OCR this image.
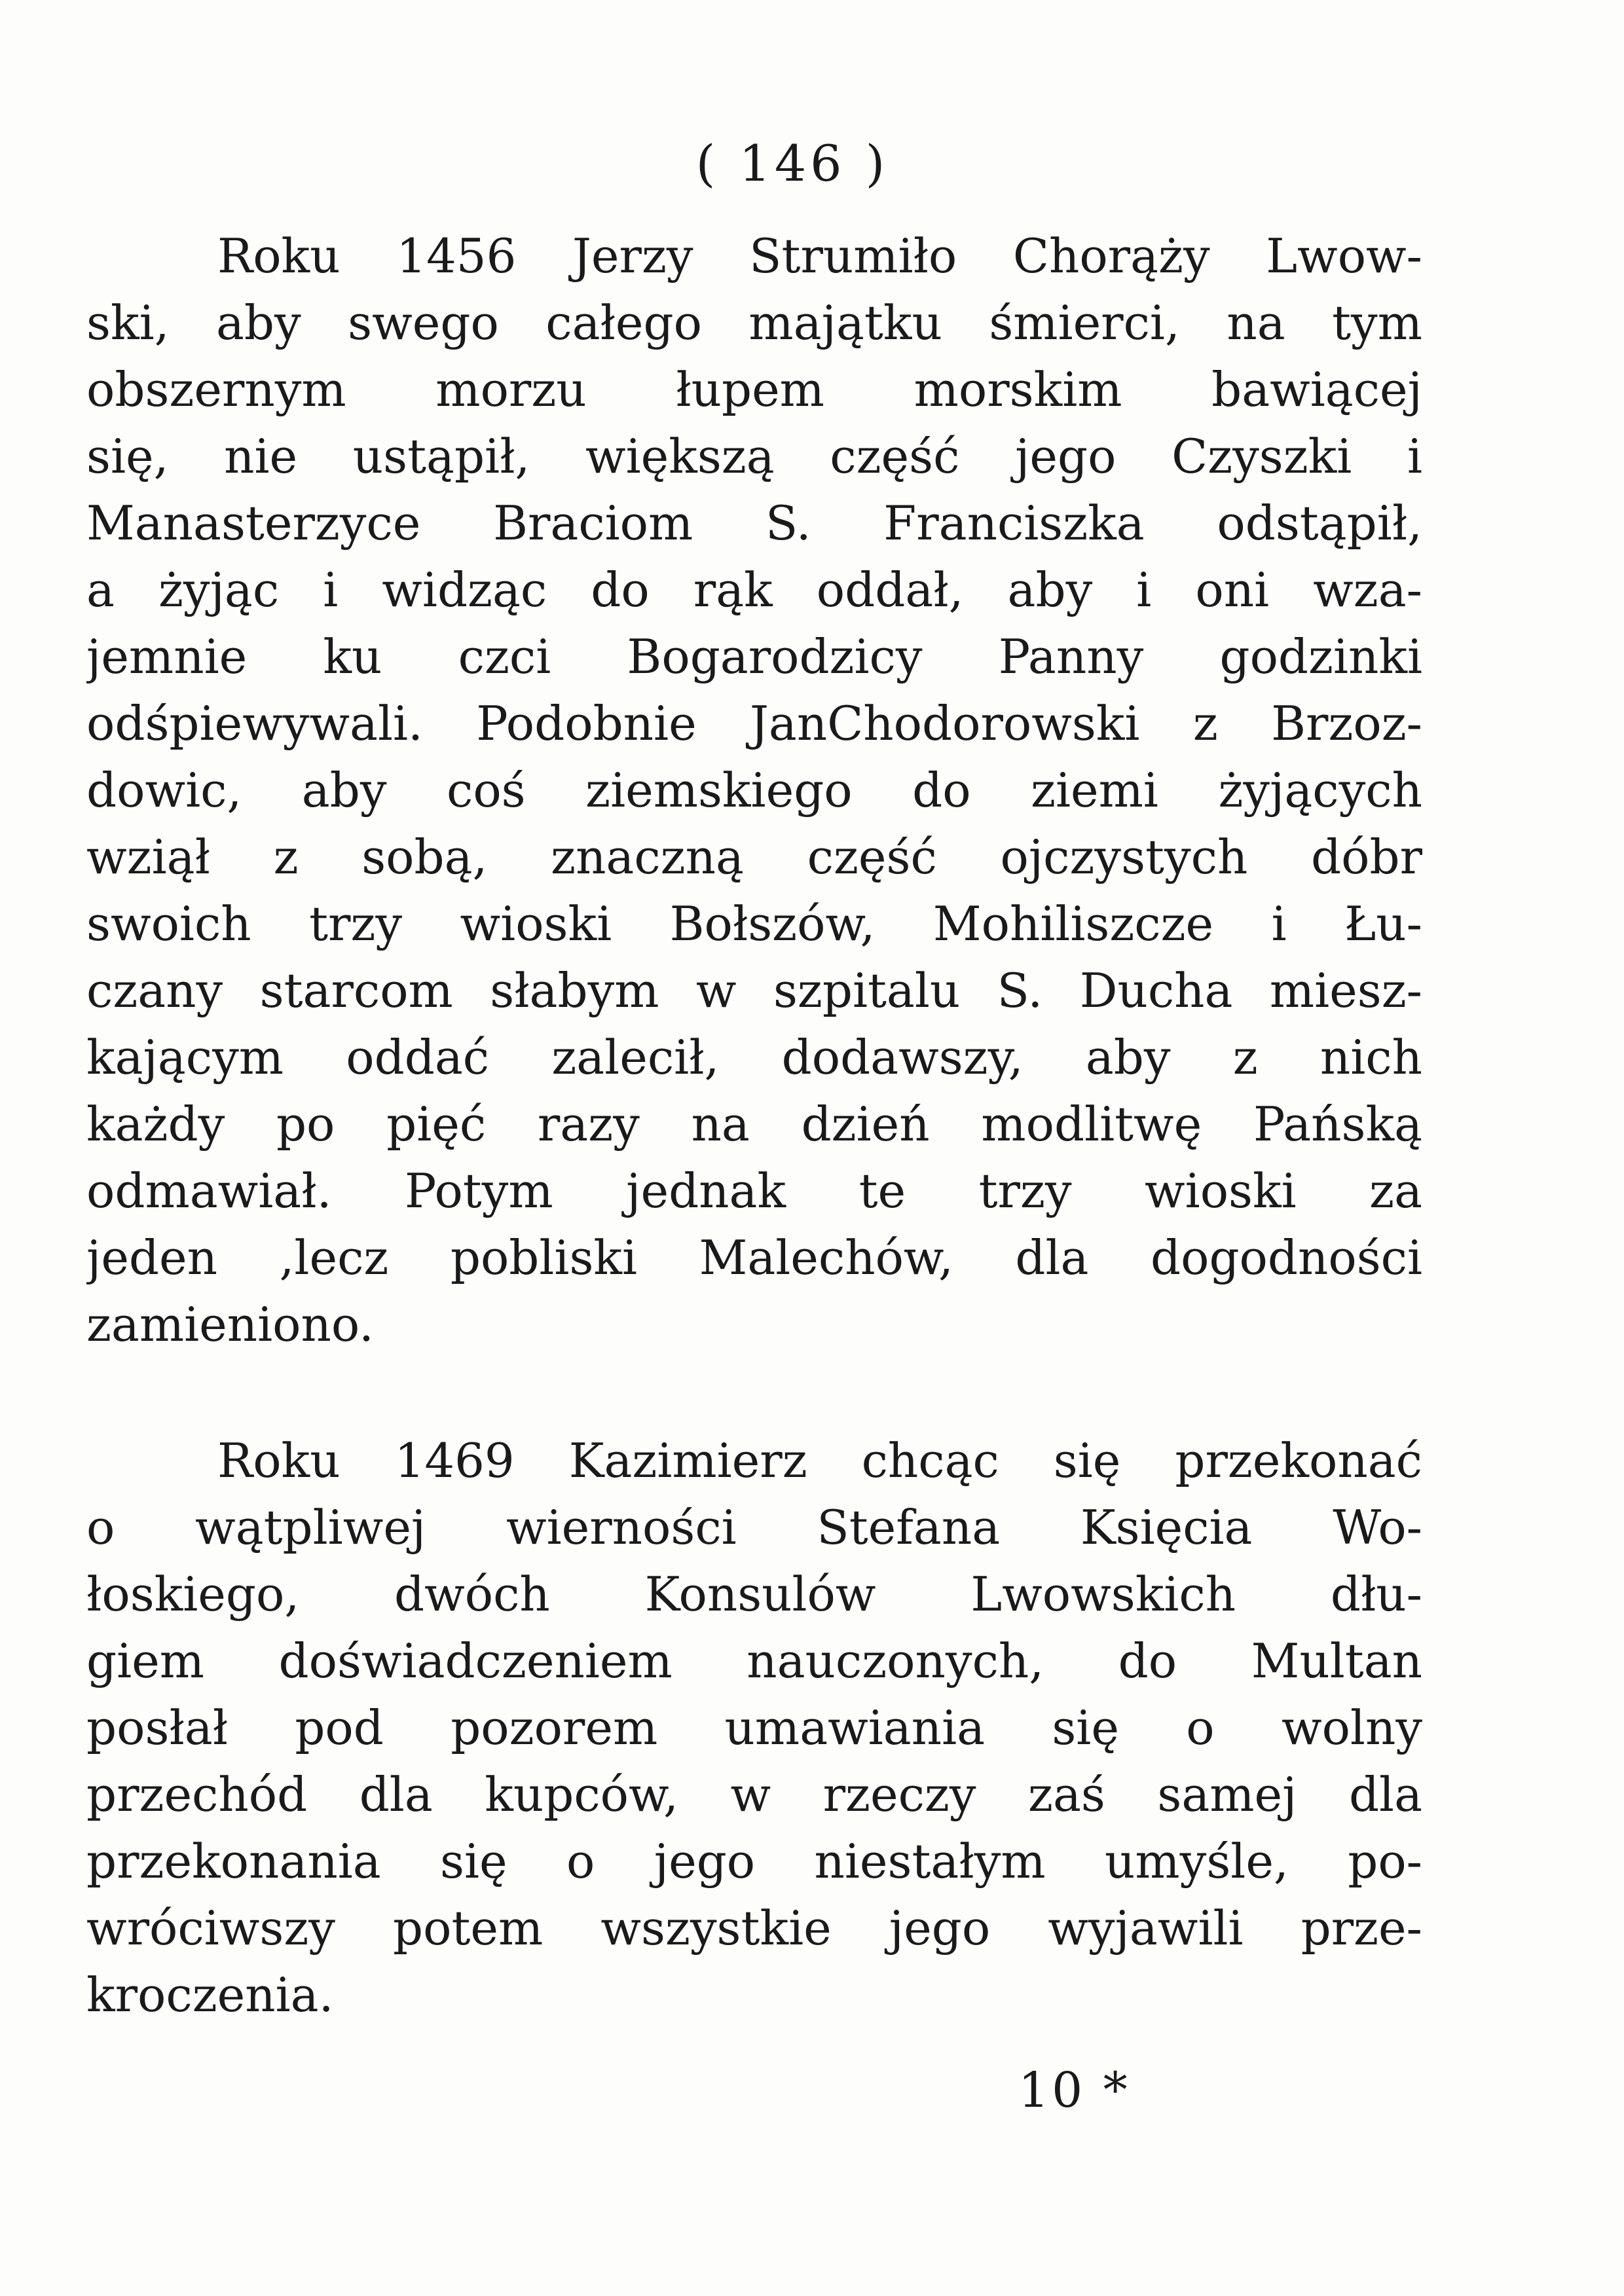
( 146 )
Roku 1456 Jerzy Strumiło Chorąży Lwow-
ski, aby swego całego majątku śmierci, na tym
obszernym morzu łupem morskim bawiącej
się, nie ustąpił, większą część jego Czyszki i
Manasterzyce Braciom S. Franciszka odstąpił,
a żyjąc i widząc do rąk oddał, aby i oni wza-
jemnie ku czci Bogarodzicy Panny godzinki
odśpiewywali. Podobnie JanChodorowski z Brzoz-
dowic, aby coś ziemskiego do ziemi żyjących
wziął z sobą, znaczną część ojczystych dóbr
swoich trzy wioski Bołszów, Mohiliszcze i Łu-
czany starcom słabym w szpitalu S. Ducha miesz-
kającym oddać zalecił, dodawszy, aby z nich
każdy po pięć razy na dzień modlitwę Pańską
odmawiał. Potym jednak te trzy wioski za
jeden ,lecz pobliski Malechów, dla dogodności
zamieniono.
Roku 1469 Kazimierz chcąc się przekonać
o wątpliwej wierności Stefana Księcia Wo-
łoskiego, dwóch Konsulów Lwowskich dłu-
giem doświadczeniem nauczonych, do Multan
posłał pod pozorem umawiania się o wolny
przechód dla kupców, w rzeczy zaś samej dla
przekonania się o jego niestałym umyśle, po-
wróciwszy potem wszystkie jego wyjawili prze-
kroczenia.
10 *
